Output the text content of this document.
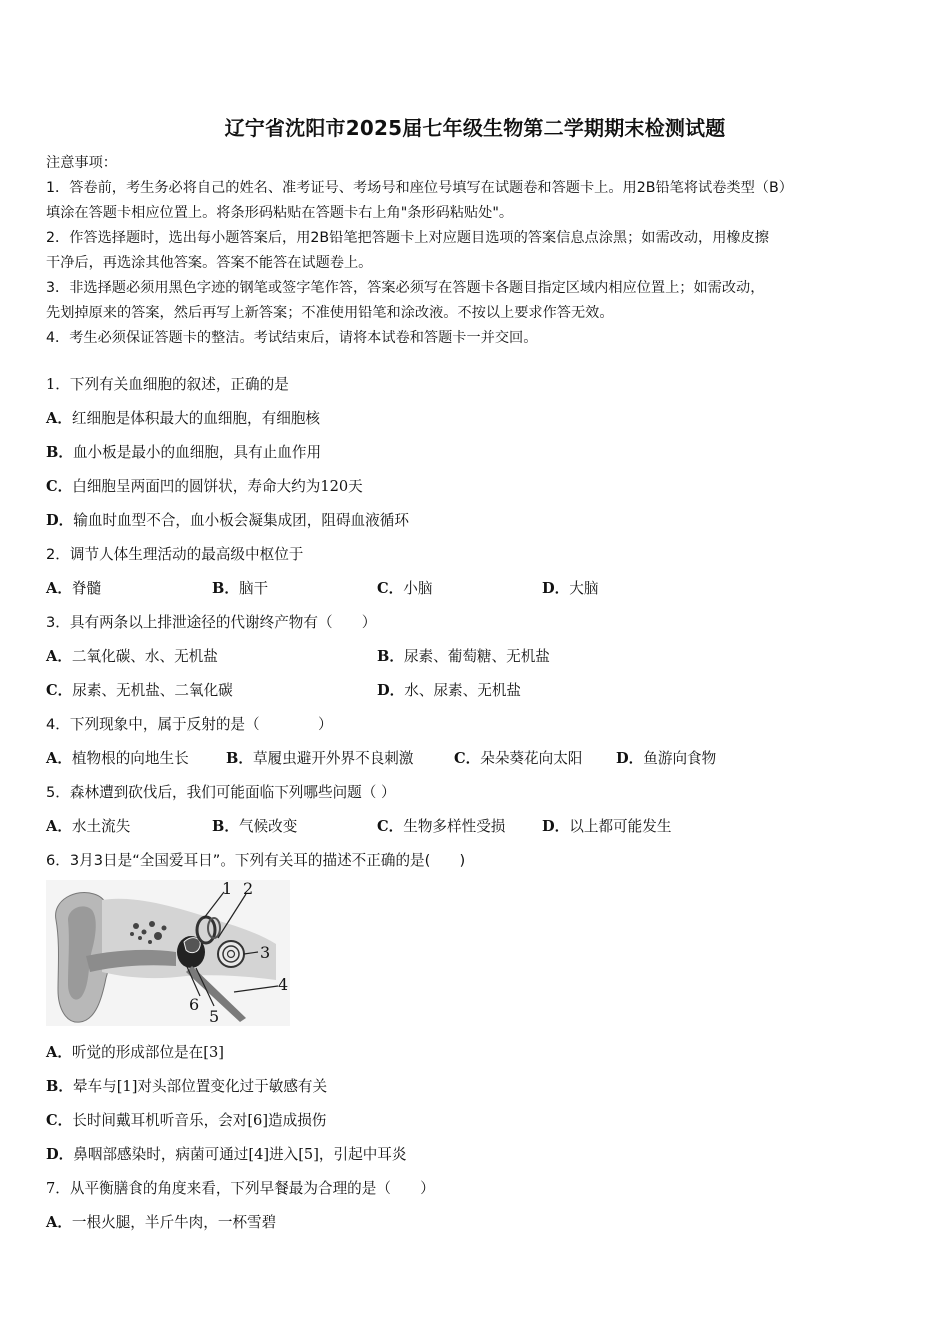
辽宁省沈阳市2025届七年级生物第二学期期末检测试题

注意事项：

1．答卷前，考生务必将自己的姓名、准考证号、考场号和座位号填写在试题卷和答题卡上。用2B铅笔将试卷类型（B）

填涂在答题卡相应位置上。将条形码粘贴在答题卡右上角"条形码粘贴处"。

2．作答选择题时，选出每小题答案后，用2B铅笔把答题卡上对应题目选项的答案信息点涂黑；如需改动，用橡皮擦

干净后，再选涂其他答案。答案不能答在试题卷上。

3．非选择题必须用黑色字迹的钢笔或签字笔作答，答案必须写在答题卡各题目指定区域内相应位置上；如需改动，

先划掉原来的答案，然后再写上新答案；不准使用铅笔和涂改液。不按以上要求作答无效。

4．考生必须保证答题卡的整洁。考试结束后，请将本试卷和答题卡一并交回。

1．下列有关血细胞的叙述，正确的是
A．红细胞是体积最大的血细胞，有细胞核
B．血小板是最小的血细胞，具有止血作用
C．白细胞呈两面凹的圆饼状，寿命大约为120天
D．输血时血型不合，血小板会凝集成团，阻碍血液循环
2．调节人体生理活动的最高级中枢位于
A．脊髓	B．脑干	C．小脑	D．大脑
3．具有两条以上排泄途径的代谢终产物有（　　）
A．二氧化碳、水、无机盐	B．尿素、葡萄糖、无机盐
C．尿素、无机盐、二氧化碳	D．水、尿素、无机盐
4．下列现象中，属于反射的是（　　　　）
A．植物根的向地生长	B．草履虫避开外界不良刺激	C．朵朵葵花向太阳 D．鱼游向食物
5．森林遭到砍伐后，我们可能面临下列哪些问题（ ）
A．水土流失	B．气候改变	C．生物多样性受损	D．以上都可能发生
6．3月3日是“全国爱耳日”。下列有关耳的描述不正确的是(　　)
1 2
3
4
5
6
A．听觉的形成部位是在[3]
B．晕车与[1]对头部位置变化过于敏感有关
C．长时间戴耳机听音乐，会对[6]造成损伤
D．鼻咽部感染时，病菌可通过[4]进入[5]，引起中耳炎
7．从平衡膳食的角度来看，下列早餐最为合理的是（　　）
A．一根火腿，半斤牛肉，一杯雪碧
